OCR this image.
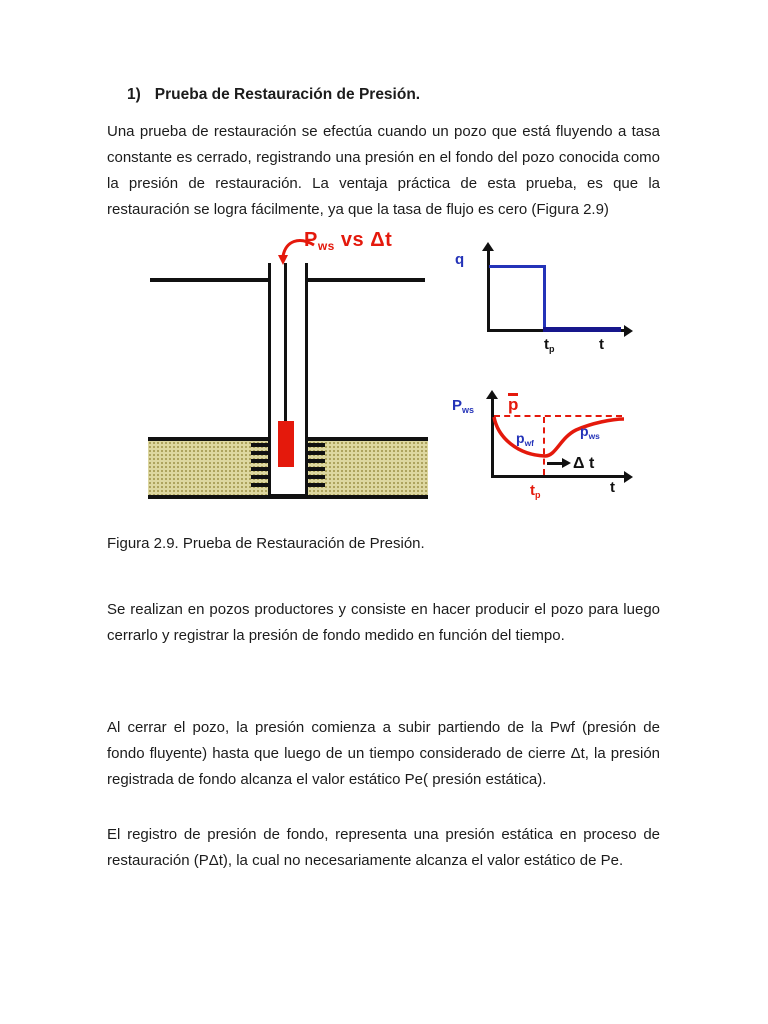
1) Prueba de Restauración de Presión.
Una prueba de restauración se efectúa cuando un pozo que está fluyendo a tasa constante es cerrado, registrando una presión en el fondo del pozo conocida como la presión de restauración. La ventaja práctica de esta prueba, es que la restauración se logra fácilmente, ya que la tasa de flujo es cero (Figura 2.9)
$P_{ws}$ vs Δt
q
$t_p$	t
$P_{ws}$ p
$p_{wf}$
$p_{ws}$
Δ t
$t_p$	t
Figura 2.9. Prueba de Restauración de Presión.
Se realizan en pozos productores y consiste en hacer producir el pozo para luego cerrarlo y registrar la presión de fondo medido en función del tiempo.
Al cerrar el pozo, la presión comienza a subir partiendo de la Pwf (presión de fondo fluyente) hasta que luego de un tiempo considerado de cierre Δt, la presión registrada de fondo alcanza el valor estático Pe( presión estática).
El registro de presión de fondo, representa una presión estática en proceso de restauración (PΔt), la cual no necesariamente alcanza el valor estático de Pe.
